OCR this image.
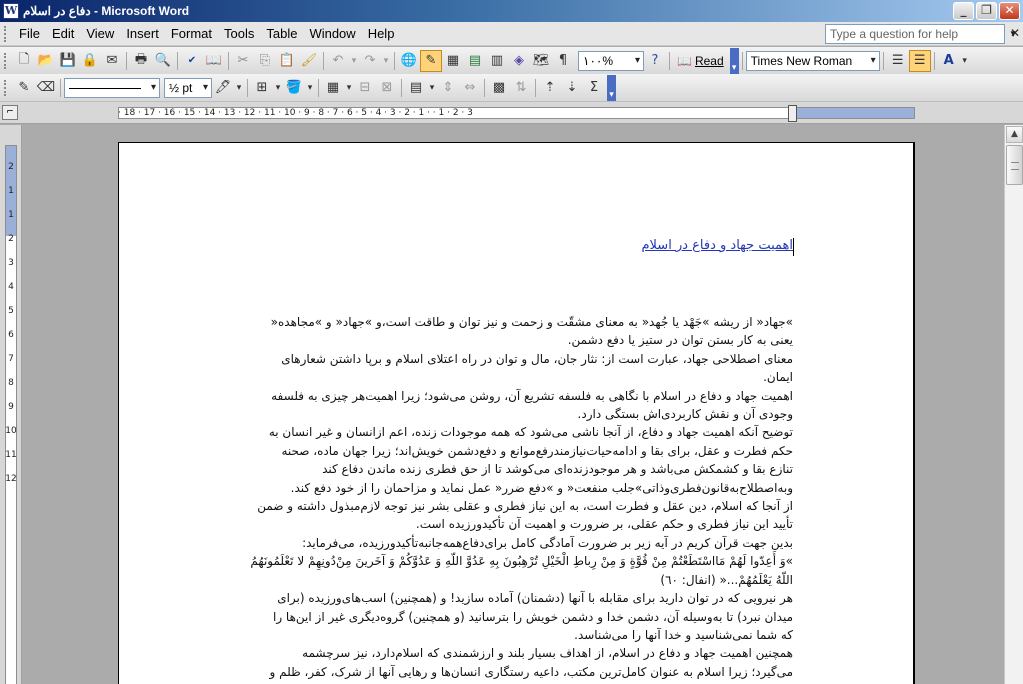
W دفاع در اسلام - Microsoft Word	_	❐	✕
File Edit View Insert Format Tools Table Window Help	Type a question for help ▾	✕
🗋 📂 💾 🔒 ✉	🖶 🔍	✔ 📖	✂ ⎘ 📋 🖌	↶ ▾ ↷ ▾ 🌐 ✎ ▦ ▤ ▥ ◈ 🗺 ¶	۱۰۰% ▾	?	📖 Read ▾	Times New Roman ▾	☰ ☰	A ▾
✎ ⌫
▾	½ pt ▾	🖊 ▾	⊞ ▾ 🪣 ▾	▦ ▾ ⊟ ⊠	▤ ▾ ⇕ ⇔	▩ ⇅	⇡ ⇣ Σ	▾
⌐	· 18 · 17 · 16 · 15 · 14 · 13 · 12 · 11 · 10 · 9 · 8 · 7 · 6 · 5 · 4 · 3 · 2 · 1 · · 1 · 2 · 3
2
1
1
2
3
4
5
6
7
8
9
10
11
12
اهمیت جهاد و دفاع در اسلام

»جهاد« از ریشه »جَهْد یا جُهد« به معنای مشقّت و زحمت و نیز توان و طاقت است،و »جهاد« و »مجاهده«

یعنی به کار بستن توان در ستیز یا دفع دشمن.

معنای اصطلاحی جهاد، عبارت است از: نثار جان، مال و توان در راه اعتلای اسلام و برپا داشتن شعارهای

ایمان.

اهمیت جهاد و دفاع در اسلام با نگاهی به فلسفه تشریع آن، روشن می‌شود؛ زیرا اهمیت‌هر چیزی به فلسفه

وجودی آن و نقش کاربردی‌اش بستگی دارد.

توضیح آنکه اهمیت جهاد و دفاع، از آنجا ناشی می‌شود که همه موجودات زنده، اعم ازانسان و غیر انسان به

حکم فطرت و عقل، برای بقا و ادامه‌حیات‌نیازمندرفع‌موانع و دفع‌دشمن خویش‌اند؛ زیرا جهان ماده، صحنه

تنازع بقا و کشمکش می‌باشد و هر موجودزنده‌ای می‌کوشد تا از حق فطری زنده ماندن دفاع کند

وبه‌اصطلاح‌به‌قانون‌فطری‌وذاتی»جلب منفعت« و »دفع ضرر« عمل نماید و مزاحمان را از خود دفع کند.

از آنجا که اسلام، دین عقل و فطرت است، به این نیاز فطری و عقلی بشر نیز توجه لازم‌مبذول داشته و ضمن

تأیید این نیاز فطری و حکم عقلی، بر ضرورت و اهمیت آن تأکیدورزیده است.

بدین جهت قرآن کریم در آیه زیر بر ضرورت آمادگی کامل برای‌دفاع‌همه‌جانبه‌تأکیدورزیده، می‌فرماید:

»وَ أَعِدّوا لَهُمْ مَااسْتَطَعْتُمْ مِنْ قُوَّةٍ وَ مِنْ رِباطِ الْخَیْلِ تُرْهِبُونَ بِهِ عَدُوَّ اللّهِ وَ عَدُوَّكُمْ وَ آخَرینَ مِنْ‌دُونِهِمْ لا تَعْلَمُونَهُمُ

اللّهُ یَعْلَمُهُمْ...« (انفال: ٦٠)

هر نیرویی که در توان دارید برای مقابله با آنها (دشمنان) آماده سازید! و (همچنین) اسب‌های‌ورزیده (برای

میدان نبرد) تا به‌وسیله آن، دشمن خدا و دشمن خویش را بترسانید (و همچنین) گروه‌دیگری غیر از این‌ها را

که شما نمی‌شناسید و خدا آنها را می‌شناسد.

همچنین اهمیت جهاد و دفاع در اسلام، از اهداف بسیار بلند و ارزشمندی که اسلام‌دارد، نیز سرچشمه

می‌گیرد؛ زیرا اسلام به عنوان کامل‌ترین مکتب، داعیه رستگاری انسان‌ها و رهایی آنها از شرک، کفر، ظلم و

▲
